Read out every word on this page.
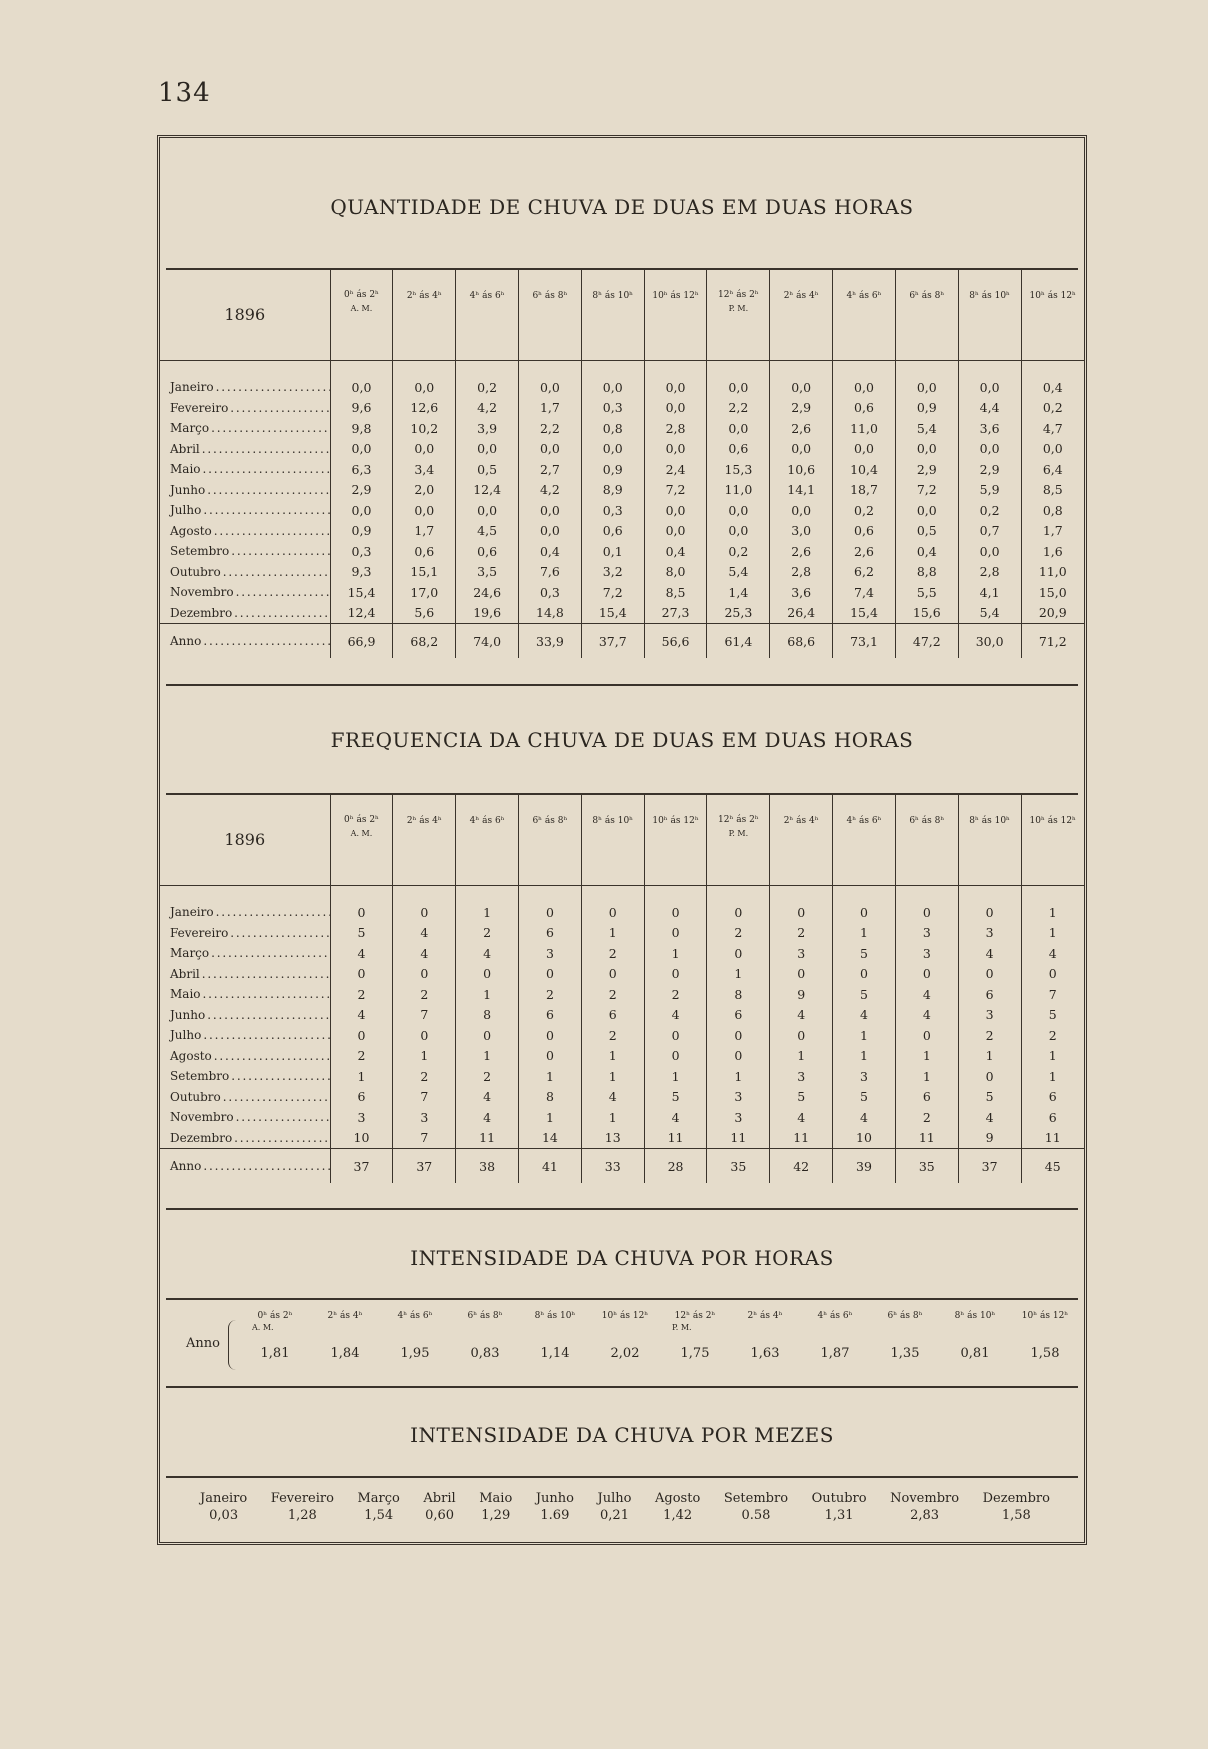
134
QUANTIDADE DE CHUVA DE DUAS EM DUAS HORAS
1896	0ʰ ás 2ʰ
A. M.	2ʰ ás 4ʰ	4ʰ ás 6ʰ	6ʰ ás 8ʰ	8ʰ ás 10ʰ	10ʰ ás 12ʰ	12ʰ ás 2ʰ
P. M.	2ʰ ás 4ʰ	4ʰ ás 6ʰ	6ʰ ás 8ʰ	8ʰ ás 10ʰ	10ʰ ás 12ʰ

Janeiro . . .	0,0	0,0	0,2	0,0	0,0	0,0	0,0	0,0	0,0	0,0	0,0	0,4
Fevereiro . . .	9,6	12,6	4,2	1,7	0,3	0,0	2,2	2,9	0,6	0,9	4,4	0,2
Março . . .	9,8	10,2	3,9	2,2	0,8	2,8	0,0	2,6	11,0	5,4	3,6	4,7
Abril . . .	0,0	0,0	0,0	0,0	0,0	0,0	0,6	0,0	0,0	0,0	0,0	0,0
Maio . . .	6,3	3,4	0,5	2,7	0,9	2,4	15,3	10,6	10,4	2,9	2,9	6,4
Junho . . .	2,9	2,0	12,4	4,2	8,9	7,2	11,0	14,1	18,7	7,2	5,9	8,5
Julho . . .	0,0	0,0	0,0	0,0	0,3	0,0	0,0	0,0	0,2	0,0	0,2	0,8
Agosto . . .	0,9	1,7	4,5	0,0	0,6	0,0	0,0	3,0	0,6	0,5	0,7	1,7
Setembro . . .	0,3	0,6	0,6	0,4	0,1	0,4	0,2	2,6	2,6	0,4	0,0	1,6
Outubro . . .	9,3	15,1	3,5	7,6	3,2	8,0	5,4	2,8	6,2	8,8	2,8	11,0
Novembro . . .	15,4	17,0	24,6	0,3	7,2	8,5	1,4	3,6	7,4	5,5	4,1	15,0
Dezembro . . .	12,4	5,6	19,6	14,8	15,4	27,3	25,3	26,4	15,4	15,6	5,4	20,9
Anno . . .	66,9	68,2	74,0	33,9	37,7	56,6	61,4	68,6	73,1	47,2	30,0	71,2
FREQUENCIA DA CHUVA DE DUAS EM DUAS HORAS
1896	0ʰ ás 2ʰ
A. M.	2ʰ ás 4ʰ	4ʰ ás 6ʰ	6ʰ ás 8ʰ	8ʰ ás 10ʰ	10ʰ ás 12ʰ	12ʰ ás 2ʰ
P. M.	2ʰ ás 4ʰ	4ʰ ás 6ʰ	6ʰ ás 8ʰ	8ʰ ás 10ʰ	10ʰ ás 12ʰ

Janeiro . . .	0	0	1	0	0	0	0	0	0	0	0	1
Fevereiro . . .	5	4	2	6	1	0	2	2	1	3	3	1
Março . . .	4	4	4	3	2	1	0	3	5	3	4	4
Abril . . .	0	0	0	0	0	0	1	0	0	0	0	0
Maio . . .	2	2	1	2	2	2	8	9	5	4	6	7
Junho . . .	4	7	8	6	6	4	6	4	4	4	3	5
Julho . . .	0	0	0	0	2	0	0	0	1	0	2	2
Agosto . . .	2	1	1	0	1	0	0	1	1	1	1	1
Setembro . . .	1	2	2	1	1	1	1	3	3	1	0	1
Outubro . . .	6	7	4	8	4	5	3	5	5	6	5	6
Novembro . . .	3	3	4	1	1	4	3	4	4	2	4	6
Dezembro . . .	10	7	11	14	13	11	11	11	10	11	9	11
Anno . . .	37	37	38	41	33	28	35	42	39	35	37	45
INTENSIDADE DA CHUVA POR HORAS
Anno
0ʰ ás 2ʰ
A. M.
1,81
2ʰ ás 4ʰ
1,84
4ʰ ás 6ʰ
1,95
6ʰ ás 8ʰ
0,83
8ʰ ás 10ʰ
1,14
10ʰ ás 12ʰ
2,02
12ʰ ás 2ʰ
P. M.
1,75
2ʰ ás 4ʰ
1,63
4ʰ ás 6ʰ
1,87
6ʰ ás 8ʰ
1,35
8ʰ ás 10ʰ
0,81
10ʰ ás 12ʰ
1,58
INTENSIDADE DA CHUVA POR MEZES
Janeiro
0,03
Fevereiro
1,28
Março
1,54
Abril
0,60
Maio
1,29
Junho
1.69
Julho
0,21
Agosto
1,42
Setembro
0.58
Outubro
1,31
Novembro
2,83
Dezembro
1,58
